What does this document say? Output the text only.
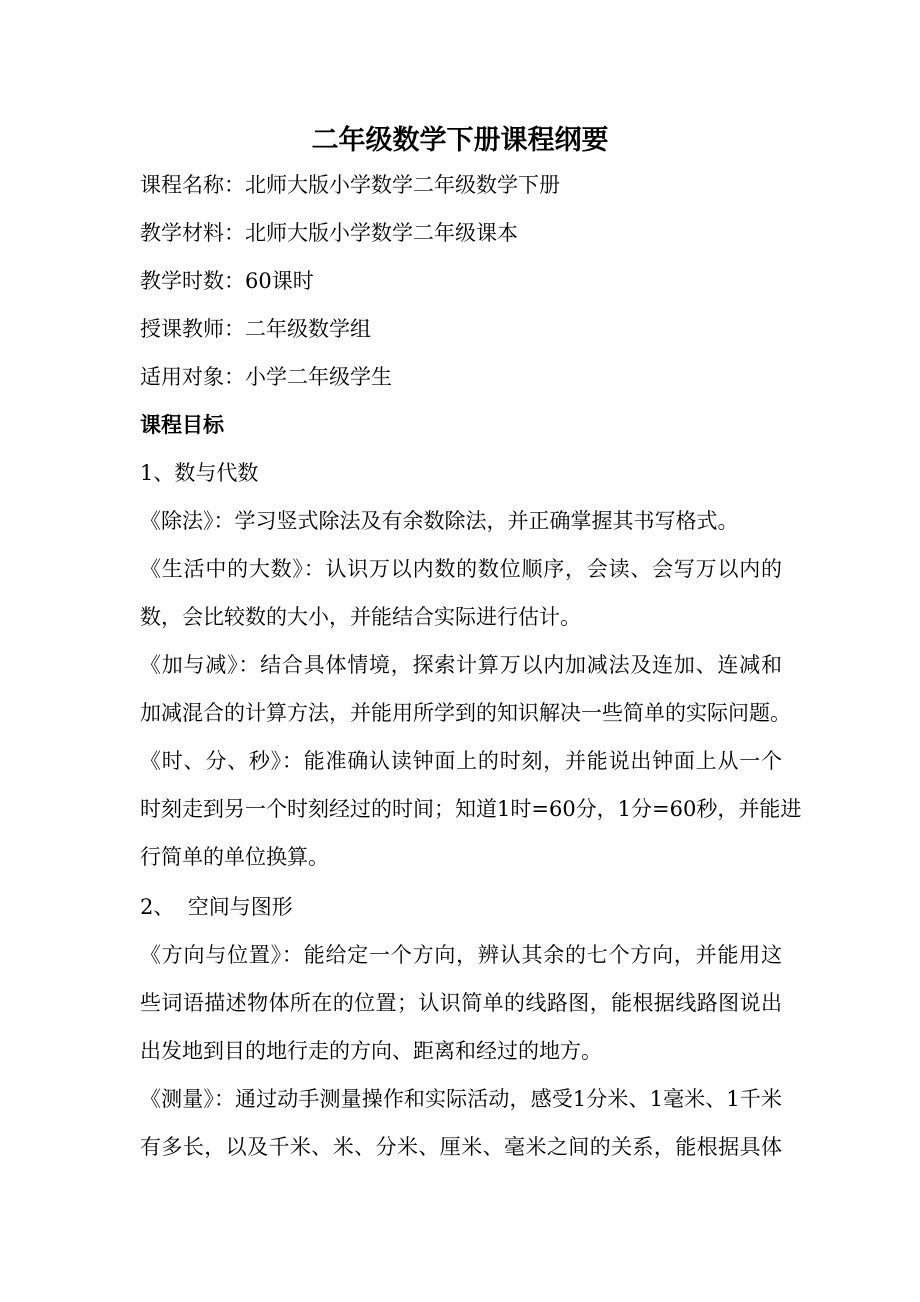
二年级数学下册课程纲要
课程名称：北师大版小学数学二年级数学下册
教学材料：北师大版小学数学二年级课本
教学时数：60课时
授课教师：二年级数学组
适用对象：小学二年级学生
课程目标
1、数与代数
《除法》：学习竖式除法及有余数除法，并正确掌握其书写格式。
《生活中的大数》：认识万以内数的数位顺序，会读、会写万以内的
数，会比较数的大小，并能结合实际进行估计。
《加与减》：结合具体情境，探索计算万以内加减法及连加、连减和
加减混合的计算方法，并能用所学到的知识解决一些简单的实际问题。
《时、分、秒》：能准确认读钟面上的时刻，并能说出钟面上从一个
时刻走到另一个时刻经过的时间；知道1时=60分，1分=60秒，并能进
行简单的单位换算。
2、  空间与图形
《方向与位置》：能给定一个方向，辨认其余的七个方向，并能用这
些词语描述物体所在的位置；认识简单的线路图，能根据线路图说出
出发地到目的地行走的方向、距离和经过的地方。
《测量》：通过动手测量操作和实际活动，感受1分米、1毫米、1千米
有多长，以及千米、米、分米、厘米、毫米之间的关系，能根据具体
